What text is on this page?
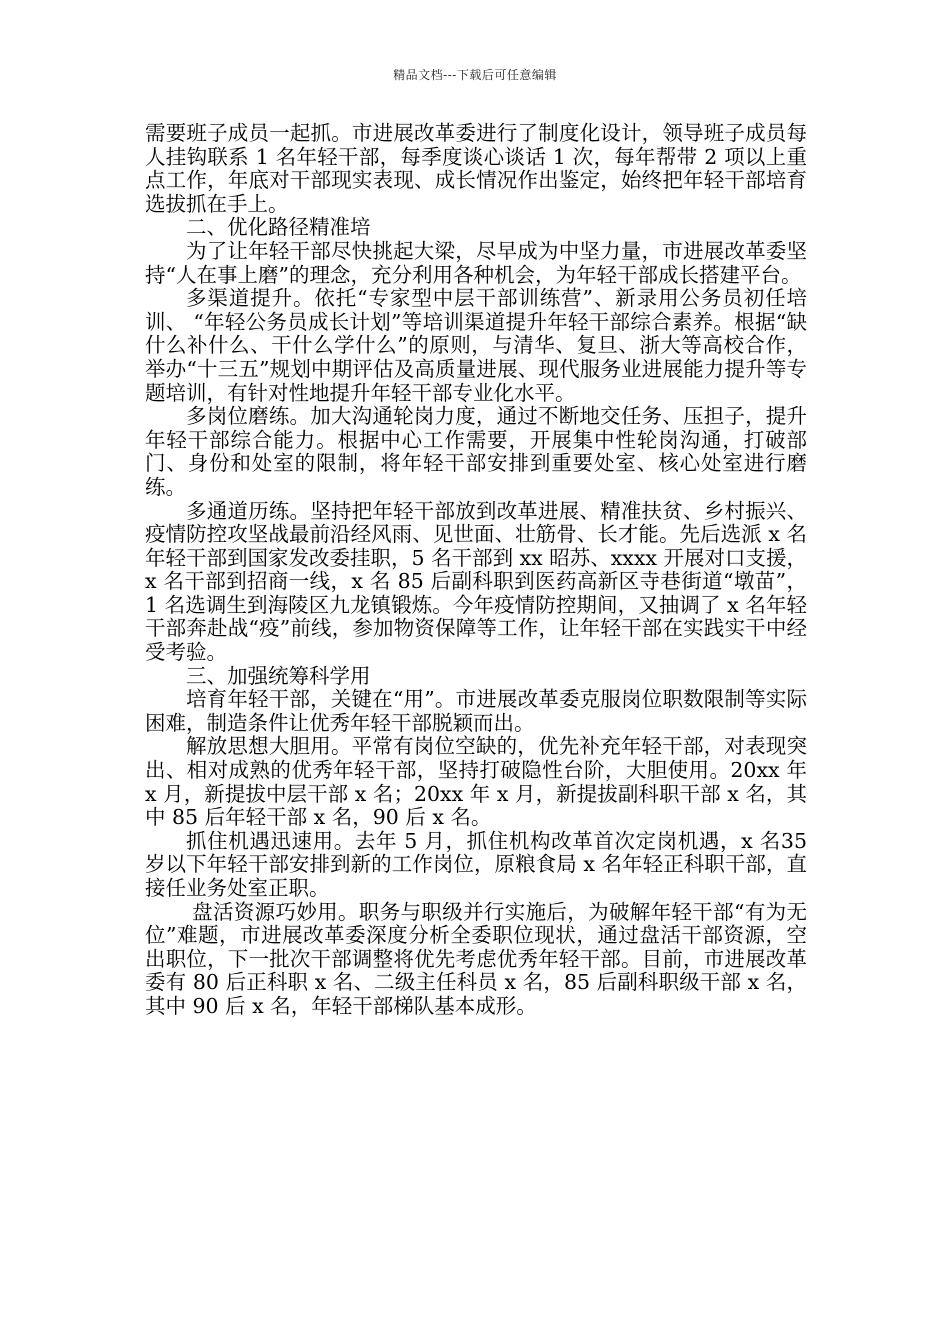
精品文档---下载后可任意编辑

需要班子成员一起抓。市进展改革委进行了制度化设计，领导班子成员每人挂钩联系 1 名年轻干部，每季度谈心谈话 1 次，每年帮带 2 项以上重点工作，年底对干部现实表现、成长情况作出鉴定，始终把年轻干部培育选拔抓在手上。

二、优化路径精准培

为了让年轻干部尽快挑起大梁，尽早成为中坚力量，市进展改革委坚持“人在事上磨”的理念，充分利用各种机会，为年轻干部成长搭建平台。

多渠道提升。依托“专家型中层干部训练营”、新录用公务员初任培训、 “年轻公务员成长计划”等培训渠道提升年轻干部综合素养。根据“缺什么补什么、干什么学什么”的原则，与清华、复旦、浙大等高校合作，举办“十三五”规划中期评估及高质量进展、现代服务业进展能力提升等专题培训，有针对性地提升年轻干部专业化水平。

多岗位磨练。加大沟通轮岗力度，通过不断地交任务、压担子，提升年轻干部综合能力。根据中心工作需要，开展集中性轮岗沟通，打破部门、身份和处室的限制，将年轻干部安排到重要处室、核心处室进行磨练。

多通道历练。坚持把年轻干部放到改革进展、精准扶贫、乡村振兴、疫情防控攻坚战最前沿经风雨、见世面、壮筋骨、长才能。先后选派 x 名年轻干部到国家发改委挂职，5 名干部到 xx 昭苏、xxxx 开展对口支援，x 名干部到招商一线，x 名 85 后副科职到医药高新区寺巷街道“墩苗”，1 名选调生到海陵区九龙镇锻炼。今年疫情防控期间，又抽调了 x 名年轻干部奔赴战“疫”前线，参加物资保障等工作，让年轻干部在实践实干中经受考验。

三、加强统筹科学用

培育年轻干部，关键在“用”。市进展改革委克服岗位职数限制等实际困难，制造条件让优秀年轻干部脱颖而出。

解放思想大胆用。平常有岗位空缺的，优先补充年轻干部，对表现突出、相对成熟的优秀年轻干部，坚持打破隐性台阶，大胆使用。20xx 年 x 月，新提拔中层干部 x 名；20xx 年 x 月，新提拔副科职干部 x 名，其中 85 后年轻干部 x 名，90 后 x 名。

抓住机遇迅速用。去年 5 月，抓住机构改革首次定岗机遇，x 名35 岁以下年轻干部安排到新的工作岗位，原粮食局 x 名年轻正科职干部，直接任业务处室正职。

盘活资源巧妙用。职务与职级并行实施后，为破解年轻干部“有为无位”难题，市进展改革委深度分析全委职位现状，通过盘活干部资源，空出职位，下一批次干部调整将优先考虑优秀年轻干部。目前，市进展改革委有 80 后正科职 x 名、二级主任科员 x 名，85 后副科职级干部 x 名，其中 90 后 x 名，年轻干部梯队基本成形。
